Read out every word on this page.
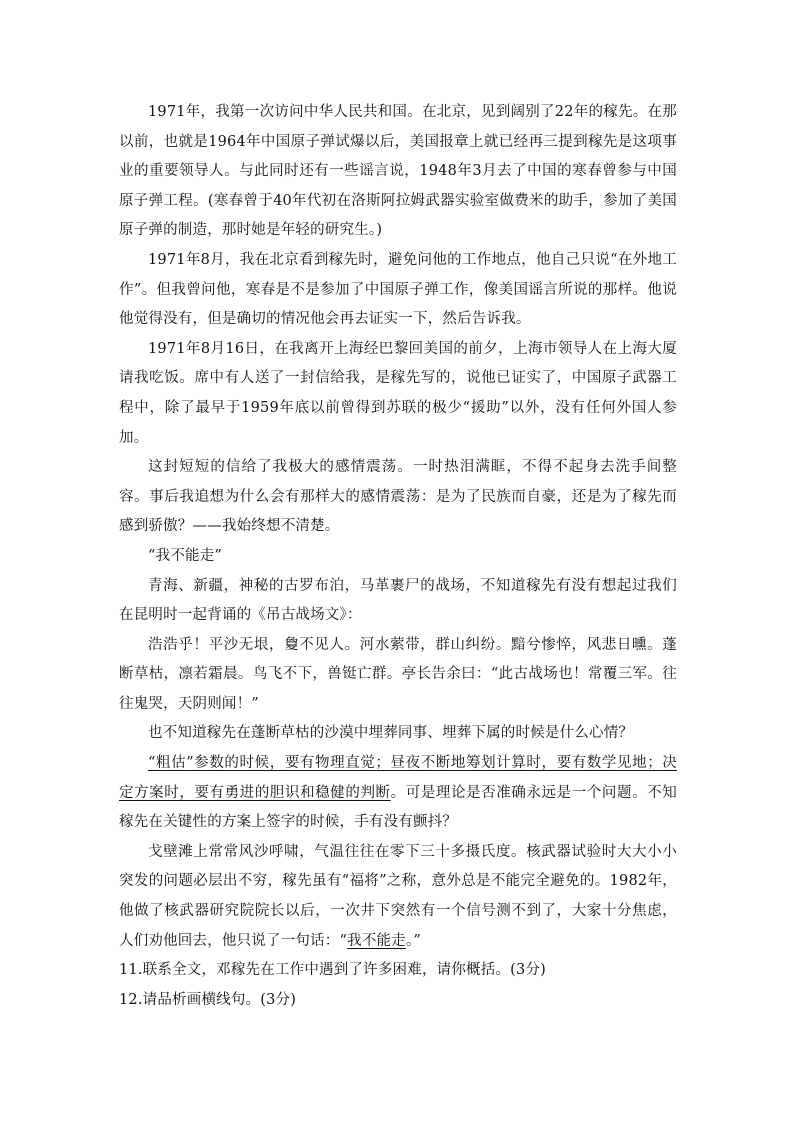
1971年，我第一次访问中华人民共和国。在北京，见到阔别了22年的稼先。在那以前，也就是1964年中国原子弹试爆以后，美国报章上就已经再三提到稼先是这项事业的重要领导人。与此同时还有一些谣言说，1948年3月去了中国的寒春曾参与中国原子弹工程。(寒春曾于40年代初在洛斯阿拉姆武器实验室做费米的助手，参加了美国原子弹的制造，那时她是年轻的研究生。)

1971年8月，我在北京看到稼先时，避免问他的工作地点，他自己只说“在外地工作”。但我曾问他，寒春是不是参加了中国原子弹工作，像美国谣言所说的那样。他说他觉得没有，但是确切的情况他会再去证实一下，然后告诉我。

1971年8月16日，在我离开上海经巴黎回美国的前夕，上海市领导人在上海大厦请我吃饭。席中有人送了一封信给我，是稼先写的，说他已证实了，中国原子武器工程中，除了最早于1959年底以前曾得到苏联的极少“援助”以外，没有任何外国人参加。

这封短短的信给了我极大的感情震荡。一时热泪满眶，不得不起身去洗手间整容。事后我追想为什么会有那样大的感情震荡：是为了民族而自豪，还是为了稼先而感到骄傲？——我始终想不清楚。

“我不能走”

青海、新疆，神秘的古罗布泊，马革裹尸的战场，不知道稼先有没有想起过我们在昆明时一起背诵的《吊古战场文》：

浩浩乎！平沙无垠，敻不见人。河水萦带，群山纠纷。黯兮惨悴，风悲日曛。蓬断草枯，凛若霜晨。鸟飞不下，兽铤亡群。亭长告余曰：“此古战场也！常覆三军。往往鬼哭，天阴则闻！”

也不知道稼先在蓬断草枯的沙漠中埋葬同事、埋葬下属的时候是什么心情？

“粗估”参数的时候，要有物理直觉；昼夜不断地筹划计算时，要有数学见地；决定方案时，要有勇进的胆识和稳健的判断。可是理论是否准确永远是一个问题。不知稼先在关键性的方案上签字的时候，手有没有颤抖？

戈壁滩上常常风沙呼啸，气温往往在零下三十多摄氏度。核武器试验时大大小小突发的问题必层出不穷，稼先虽有“福将”之称，意外总是不能完全避免的。1982年，他做了核武器研究院院长以后，一次井下突然有一个信号测不到了，大家十分焦虑，人们劝他回去，他只说了一句话：“我不能走。”

11.联系全文，邓稼先在工作中遇到了许多困难，请你概括。(3分)

12.请品析画横线句。(3分)
